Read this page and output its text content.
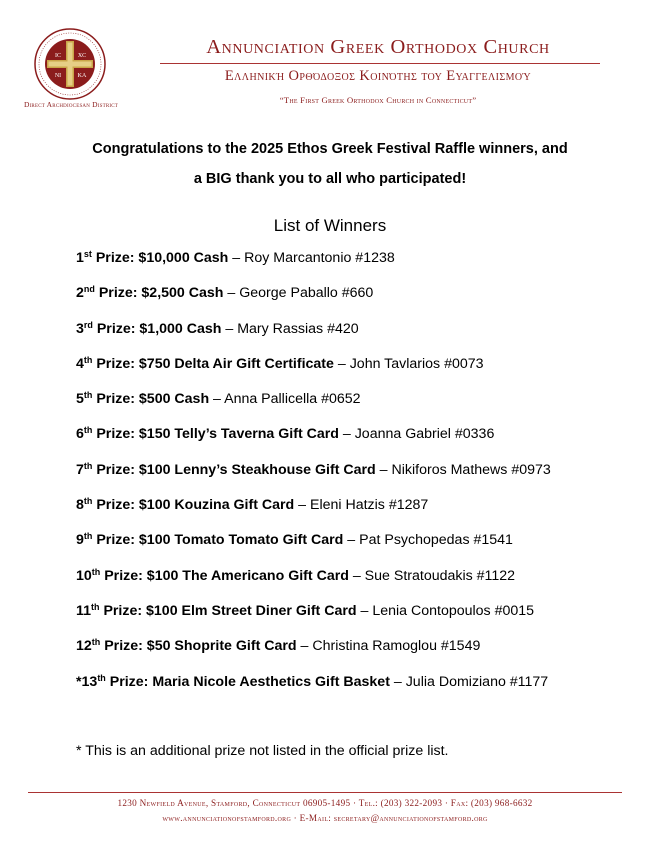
IC	XC
NI	KA
Direct Archdiocesan District
Annunciation Greek Orthodox Church
Ελληνική Ορθόδοξος Κοινότης του Ευαγγελισμού
“The First Greek Orthodox Church in Connecticut”
Congratulations to the 2025 Ethos Greek Festival Raffle winners, and
a BIG thank you to all who participated!
List of Winners
1st Prize: $10,000 Cash – Roy Marcantonio #1238
2nd Prize: $2,500 Cash – George Paballo #660
3rd Prize: $1,000 Cash – Mary Rassias #420
4th Prize: $750 Delta Air Gift Certificate – John Tavlarios #0073
5th Prize: $500 Cash – Anna Pallicella #0652
6th Prize: $150 Telly’s Taverna Gift Card – Joanna Gabriel #0336
7th Prize: $100 Lenny’s Steakhouse Gift Card – Nikiforos Mathews #0973
8th Prize: $100 Kouzina Gift Card – Eleni Hatzis #1287
9th Prize: $100 Tomato Tomato Gift Card – Pat Psychopedas #1541
10th Prize: $100 The Americano Gift Card – Sue Stratoudakis #1122
11th Prize: $100 Elm Street Diner Gift Card – Lenia Contopoulos #0015
12th Prize: $50 Shoprite Gift Card – Christina Ramoglou #1549
*13th Prize: Maria Nicole Aesthetics Gift Basket – Julia Domiziano #1177
* This is an additional prize not listed in the official prize list.
1230 Newfield Avenue, Stamford, Connecticut 06905-1495 · Tel.: (203) 322-2093 · Fax: (203) 968-6632
www.annunciationofstamford.org · E-Mail: secretary@annunciationofstamford.org
